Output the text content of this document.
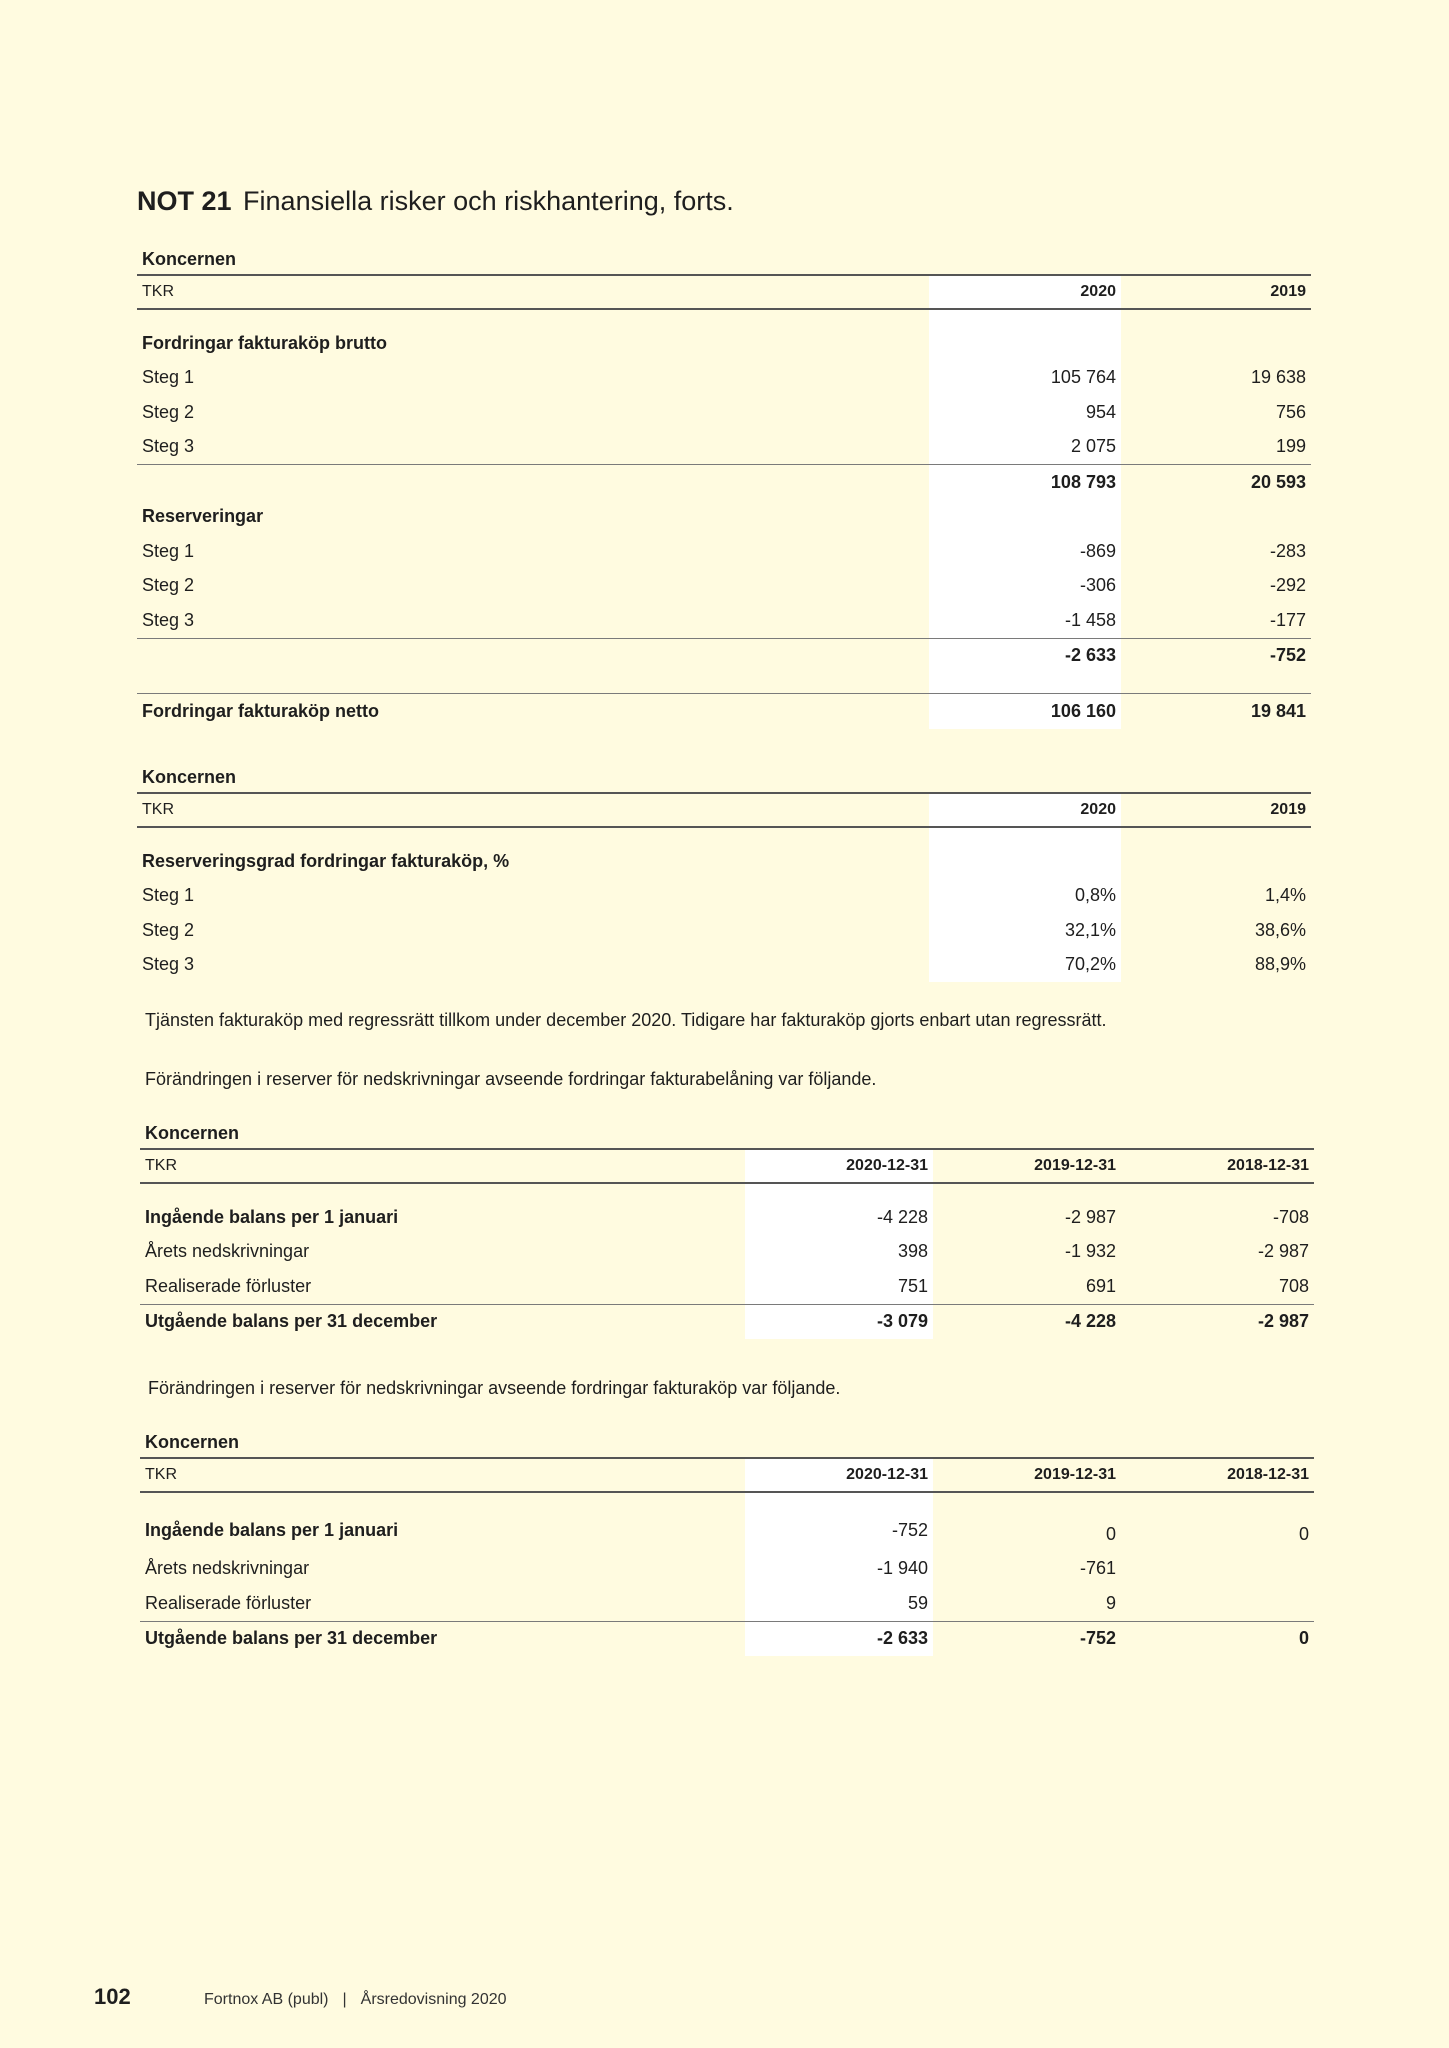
NOT 21 Finansiella risker och riskhantering, forts.
Koncernen		
TKR	2020	2019

Fordringar fakturaköp brutto		
Steg 1	105 764	19 638
Steg 2	954	756
Steg 3	2 075	199
	108 793	20 593
Reserveringar		
Steg 1	-869	-283
Steg 2	-306	-292
Steg 3	-1 458	-177
	-2 633	-752

Fordringar fakturaköp netto	106 160	19 841
Koncernen		
TKR	2020	2019

Reserveringsgrad fordringar fakturaköp, %		
Steg 1	0,8%	1,4%
Steg 2	32,1%	38,6%
Steg 3	70,2%	88,9%

Tjänsten fakturaköp med regressrätt tillkom under december 2020. Tidigare har fakturaköp gjorts enbart utan regressrätt.

Förändringen i reserver för nedskrivningar avseende fordringar fakturabelåning var följande.

Koncernen			
TKR	2020-12-31	2019-12-31	2018-12-31

Ingående balans per 1 januari	-4 228	-2 987	-708
Årets nedskrivningar	398	-1 932	-2 987
Realiserade förluster	751	691	708
Utgående balans per 31 december	-3 079	-4 228	-2 987

Förändringen i reserver för nedskrivningar avseende fordringar fakturaköp var följande.

Koncernen			
TKR	2020-12-31	2019-12-31	2018-12-31

Ingående balans per 1 januari	-752	0	0
Årets nedskrivningar	-1 940	-761	
Realiserade förluster	59	9	
Utgående balans per 31 december	-2 633	-752	0
102	Fortnox AB (publ) | Årsredovisning 2020
